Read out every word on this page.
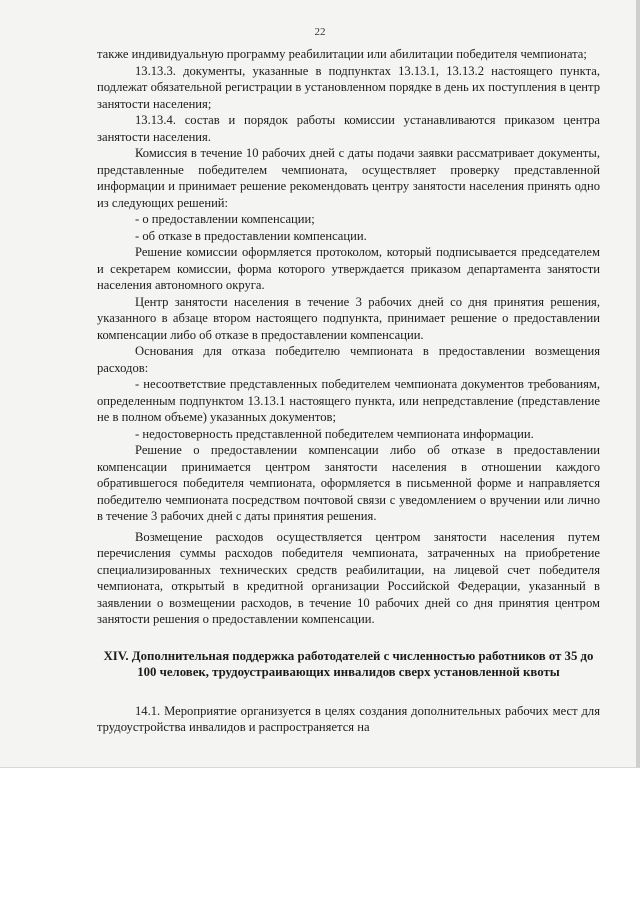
22

также индивидуальную программу реабилитации или абилитации победителя чемпионата;

13.13.3. документы, указанные в подпунктах 13.13.1, 13.13.2 настоящего пункта, подлежат обязательной регистрации в установленном порядке в день их поступления в центр занятости населения;

13.13.4. состав и порядок работы комиссии устанавливаются приказом центра занятости населения.

Комиссия в течение 10 рабочих дней с даты подачи заявки рассматривает документы, представленные победителем чемпионата, осуществляет проверку представленной информации и принимает решение рекомендовать центру занятости населения принять одно из следующих решений:

- о предоставлении компенсации;

- об отказе в предоставлении компенсации.

Решение комиссии оформляется протоколом, который подписывается председателем и секретарем комиссии, форма которого утверждается приказом департамента занятости населения автономного округа.

Центр занятости населения в течение 3 рабочих дней со дня принятия решения, указанного в абзаце втором настоящего подпункта, принимает решение о предоставлении компенсации либо об отказе в предоставлении компенсации.

Основания для отказа победителю чемпионата в предоставлении возмещения расходов:

- несоответствие представленных победителем чемпионата документов требованиям, определенным подпунктом 13.13.1 настоящего пункта, или непредставление (представление не в полном объеме) указанных документов;

- недостоверность представленной победителем чемпионата информации.

Решение о предоставлении компенсации либо об отказе в предоставлении компенсации принимается центром занятости населения в отношении каждого обратившегося победителя чемпионата, оформляется в письменной форме и направляется победителю чемпионата посредством почтовой связи с уведомлением о вручении или лично в течение 3 рабочих дней с даты принятия решения.

Возмещение расходов осуществляется центром занятости населения путем перечисления суммы расходов победителя чемпионата, затраченных на приобретение специализированных технических средств реабилитации, на лицевой счет победителя чемпионата, открытый в кредитной организации Российской Федерации, указанный в заявлении о возмещении расходов, в течение 10 рабочих дней со дня принятия центром занятости решения о предоставлении компенсации.

XIV. Дополнительная поддержка работодателей с численностью работников от 35 до 100 человек, трудоустраивающих инвалидов сверх установленной квоты

14.1. Мероприятие организуется в целях создания дополнительных рабочих мест для трудоустройства инвалидов и распространяется на
